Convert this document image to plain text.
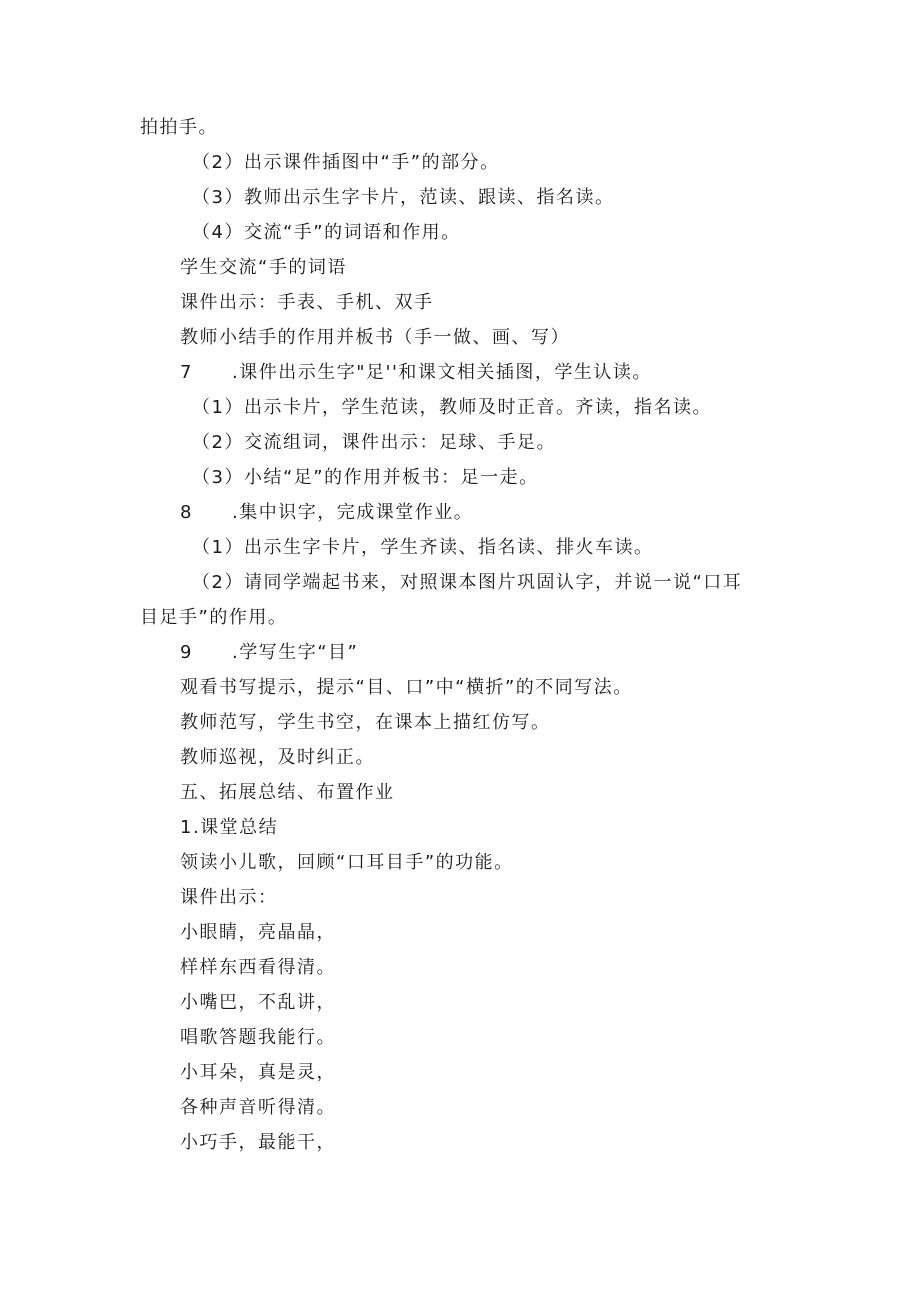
拍拍手。
（2）出示课件插图中“手”的部分。
（3）教师出示生字卡片，范读、跟读、指名读。
（4）交流“手”的词语和作用。
学生交流“手的词语
课件出示：手表、手机、双手
教师小结手的作用并板书（手一做、画、写）
7 .课件出示生字"足''和课文相关插图，学生认读。
（1）出示卡片，学生范读，教师及时正音。齐读，指名读。
（2）交流组词，课件出示：足球、手足。
（3）小结“足”的作用并板书：足一走。
8 .集中识字，完成课堂作业。
（1）出示生字卡片，学生齐读、指名读、排火车读。
（2）请同学端起书来，对照课本图片巩固认字，并说一说“口耳
目足手”的作用。
9 .学写生字“目”
观看书写提示，提示“目、口”中“横折”的不同写法。
教师范写，学生书空，在课本上描红仿写。
教师巡视，及时纠正。
五、拓展总结、布置作业
1.课堂总结
领读小儿歌，回顾“口耳目手”的功能。
课件出示：
小眼睛，亮晶晶，
样样东西看得清。
小嘴巴，不乱讲，
唱歌答题我能行。
小耳朵，真是灵，
各种声音听得清。
小巧手，最能干，
